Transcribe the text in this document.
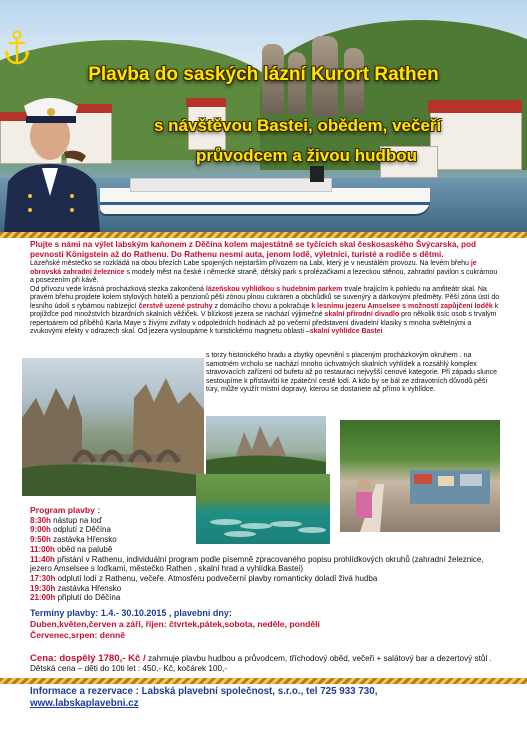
Plavba do saských lázní Kurort Rathen
s návštěvou Bastei, obědem, večeří
průvodcem a živou hudbou
Plujte s námi na výlet labským kaňonem z Děčína kolem majestátně se tyčících skal českosaského Švýcarska, pod pevností Königstein až do Rathenu. Do Rathenu nesmí auta, jenom lodě, výletníci, turisté a rodiče s dětmi.
Lázeňské městečko se rozkládá na obou březích Labe spojených nejstarším přívozem na Labi, který je v neustálém provozu. Na levém břehu je obrovská zahradní železnice s modely měst na české i německé straně, dětský park s prolézačkami a lezeckou stěnou, zahradní pavilon s cukrárnou a posezením při kávě.
Od přívozu vede krásná procházková stezka zakončená lázeňskou vyhlídkou s hudebním parkem trvale hrajícím k pohledu na amfiteátr skal. Na pravém břehu projdete kolem stylových hotelů a penzionů pěší zónou plnou cukráren a obchůdků se suvenýry a dárkovými předměty. Pěší zóna ústí do lesního údolí s rybárnou nabízející čerstvě uzené pstruhy z domácího chovu a pokračuje k lesnímu jezeru Amselsee s možností zapůjčení loděk k projížďce pod množstvích bizardních skalních věžiček. V blízkosti jezera se nachází výjimečné skalní přírodní divadlo pro několik tisíc osob s trvalým repertoárem od příběhů Karla Maye s živými zvířaty v odpoledních hodinách až po večerní představení divadelní klasiky s mnoha světelnými a zvukovými efekty v odrazech skal. Od jezera vystoupáme k turistickému magnetu oblasti –skalní vyhlídce Bastei
s torzy historického hradu a zbytky opevnění s placeným procházkovým okruhem . na samotném vrcholu se nachází mnoho úchvatných skalních vyhlídek a rozsáhlý komplex stravovacích zařízení od bufetu až po restauraci nejvyšší cenové kategorie. Při západu slunce sestoupíme k přístavišti ke zpáteční cestě lodí. A kdo by se bál ze zdravotních důvodů pěší túry, může využít místní dopravy, kterou se dostanete až přímo k vyhlídce.
Program plavby :
8:30h nástup na loď
9:00h odplutí z Děčína
9:50h zastávka Hřensko
11:00h oběd na palubě
11:40h přistání v Rathenu, individuální program podle písemně zpracovaného popisu prohlídkových okruhů (zahradní železnice, jezero Amselsee s loďkami, městečko Rathen , skalní hrad a vyhlídka Bastei)
17:30h odplutí lodí z Rathenu, večeře. Atmosféru podvečerní plavby romanticky doladí živá hudba
19:30h zastávka Hřensko
21:00h připlutí do Děčína
Termíny plavby: 1.4.- 30.10.2015 , plavební dny:
Duben,květen,červen a září, říjen: čtvrtek,pátek,sobota, neděle, pondělí
Červenec,srpen: denně
Cena: dospělý 1780,- Kč / zahrnuje plavbu hudbou a průvodcem, tříchodový oběd, večeři + salátový bar a dezertový stůl . Dětská cena – děti do 10ti let : 450,- Kč, kočárek 100,-
Informace a rezervace : Labská plavební společnost, s.r.o., tel 725 933 730,
www.labskaplavebni.cz
